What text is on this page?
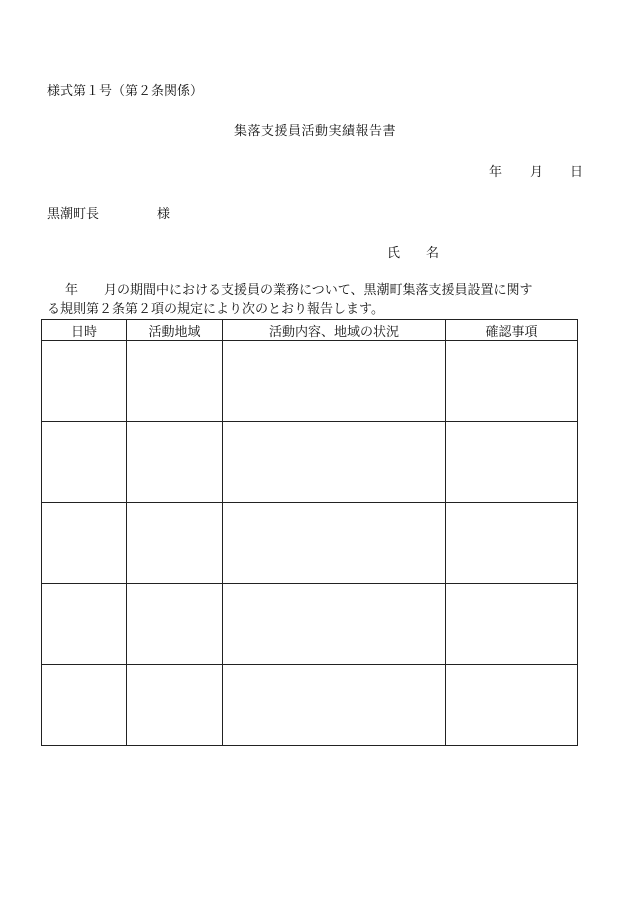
様式第１号（第２条関係）
集落支援員活動実績報告書
年 月 日
黒潮町長	様
氏 名
年 月の期間中における支援員の業務について、黒潮町集落支援員設置に関す
る規則第２条第２項の規定により次のとおり報告します。
日時	活動地域	活動内容、地域の状況	確認事項
